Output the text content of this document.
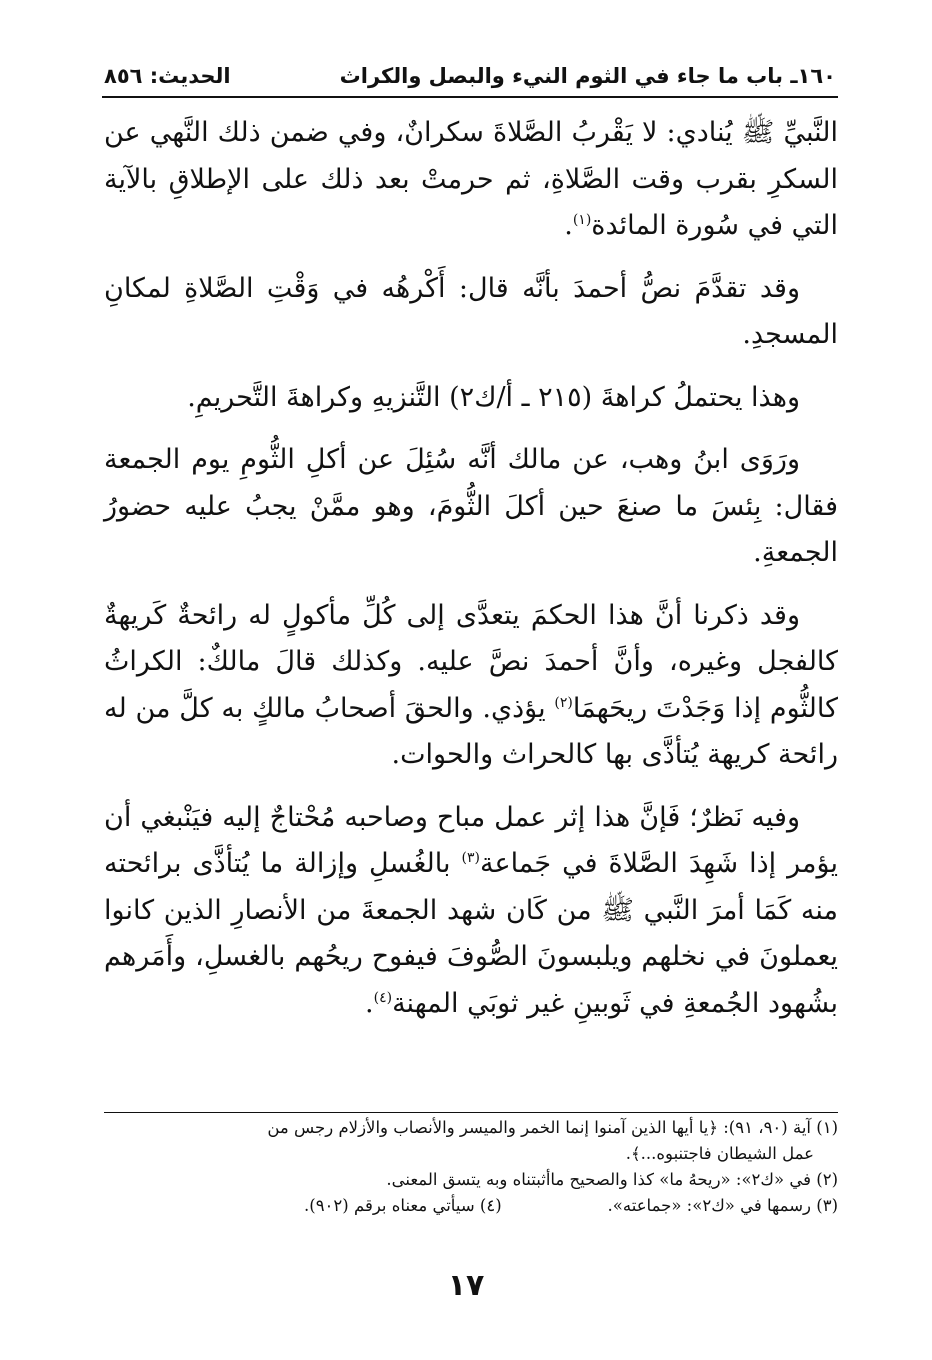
١٦٠ـ باب ما جاء في الثوم النيء والبصل والكراث
الحديث: ٨٥٦

النَّبيِّ ﷺ يُنادي: لا يَقْربُ الصَّلاةَ سكرانٌ، وفي ضمن ذلك النَّهي عن السكرِ بقرب وقت الصَّلاةِ، ثم حرمتْ بعد ذلك على الإطلاقِ بالآية التي في سُورة المائدة$^{(١)}$.

وقد تقدَّمَ نصُّ أحمدَ بأنَّه قال: أَكْرهُه في وَقْتِ الصَّلاةِ لمكانِ المسجدِ.

وهذا يحتملُ كراهةَ (٢١٥ ـ أ/ك٢) التَّنزيهِ وكراهةَ التَّحريمِ.

ورَوَى ابنُ وهب، عن مالك أنَّه سُئِلَ عن أكلِ الثُّومِ يوم الجمعة فقال: بِئسَ ما صنعَ حين أكلَ الثُّومَ، وهو ممَّنْ يجبُ عليه حضورُ الجمعةِ.

وقد ذكرنا أنَّ هذا الحكمَ يتعدَّى إلى كُلِّ مأكولٍ له رائحةٌ كَريهةٌ كالفجل وغيره، وأنَّ أحمدَ نصَّ عليه. وكذلك قالَ مالكٌ: الكراثُ كالثُّوم إذا وَجَدْتَ ريحَهمَا$^{(٢)}$ يؤذي. والحقَ أصحابُ مالكٍ به كلَّ من له رائحة كريهة يُتأذَّى بها كالحراث والحوات.

وفيه نَظرٌ؛ فَإنَّ هذا إثر عمل مباح وصاحبه مُحْتاجٌ إليه فيَنْبغي أن يؤمر إذا شَهِدَ الصَّلاةَ في جَماعة$^{(٣)}$ بالغُسلِ وإزالة ما يُتأذَّى برائحته منه كَمَا أمرَ النَّبي ﷺ من كَان شهد الجمعةَ من الأنصارِ الذين كانوا يعملونَ في نخلهم ويلبسونَ الصُّوفَ فيفوح ريحُهم بالغسلِ، وأَمَرهم بشُهود الجُمعةِ في ثَوبينِ غير ثوبَي المهنة$^{(٤)}$.

(١) آية (٩٠، ٩١): ﴿يا أيها الذين آمنوا إنما الخمر والميسر والأنصاب والأزلام رجس من

عمل الشيطان فاجتنبوه...﴾.

(٢) في «ك٢»: «ريحهُ ما» كذا والصحيح ماأثبتناه وبه يتسق المعنى.

(٣) رسمها في «ك٢»: «جماعته».
(٤) سيأتي معناه برقم (٩٠٢).
١٧
